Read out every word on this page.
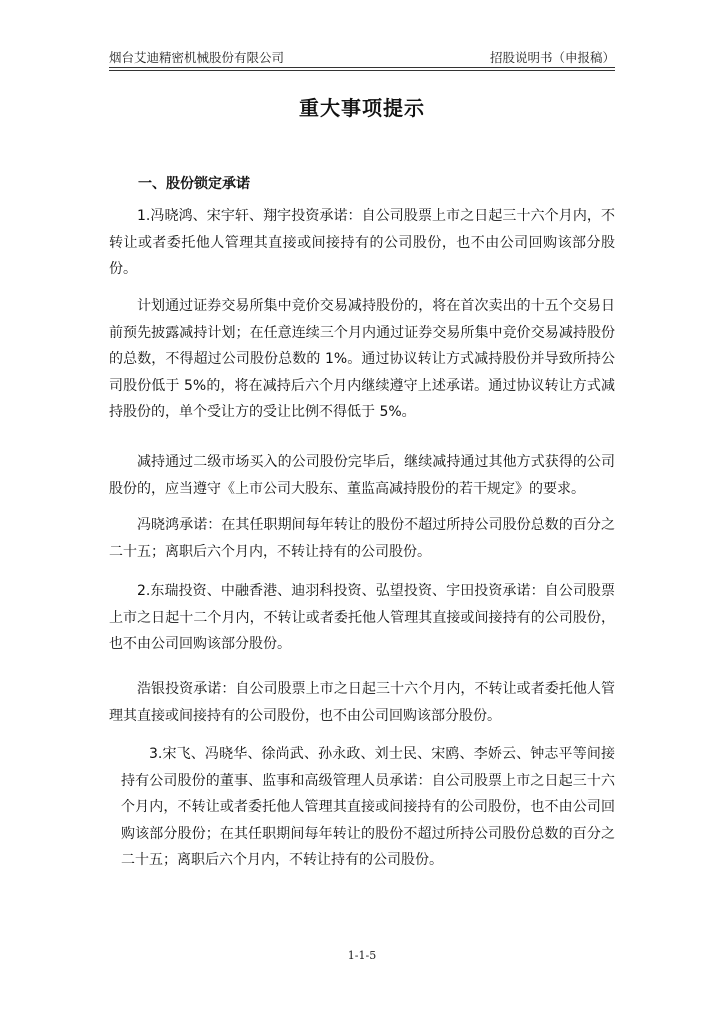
烟台艾迪精密机械股份有限公司	招股说明书（申报稿）
重大事项提示
一、股份锁定承诺

1.冯晓鸿、宋宇轩、翔宇投资承诺：自公司股票上市之日起三十六个月内，不转让或者委托他人管理其直接或间接持有的公司股份，也不由公司回购该部分股份。

计划通过证券交易所集中竞价交易减持股份的，将在首次卖出的十五个交易日前预先披露减持计划；在任意连续三个月内通过证券交易所集中竞价交易减持股份的总数，不得超过公司股份总数的 1%。通过协议转让方式减持股份并导致所持公司股份低于 5%的，将在减持后六个月内继续遵守上述承诺。通过协议转让方式减持股份的，单个受让方的受让比例不得低于 5%。

减持通过二级市场买入的公司股份完毕后，继续减持通过其他方式获得的公司股份的，应当遵守《上市公司大股东、董监高减持股份的若干规定》的要求。

冯晓鸿承诺：在其任职期间每年转让的股份不超过所持公司股份总数的百分之二十五；离职后六个月内，不转让持有的公司股份。

2.东瑞投资、中融香港、迪羽科投资、弘望投资、宇田投资承诺：自公司股票上市之日起十二个月内，不转让或者委托他人管理其直接或间接持有的公司股份，也不由公司回购该部分股份。

浩银投资承诺：自公司股票上市之日起三十六个月内，不转让或者委托他人管理其直接或间接持有的公司股份，也不由公司回购该部分股份。

3.宋飞、冯晓华、徐尚武、孙永政、刘士民、宋鸥、李娇云、钟志平等间接持有公司股份的董事、监事和高级管理人员承诺：自公司股票上市之日起三十六个月内，不转让或者委托他人管理其直接或间接持有的公司股份，也不由公司回购该部分股份；在其任职期间每年转让的股份不超过所持公司股份总数的百分之二十五；离职后六个月内，不转让持有的公司股份。

1-1-5
